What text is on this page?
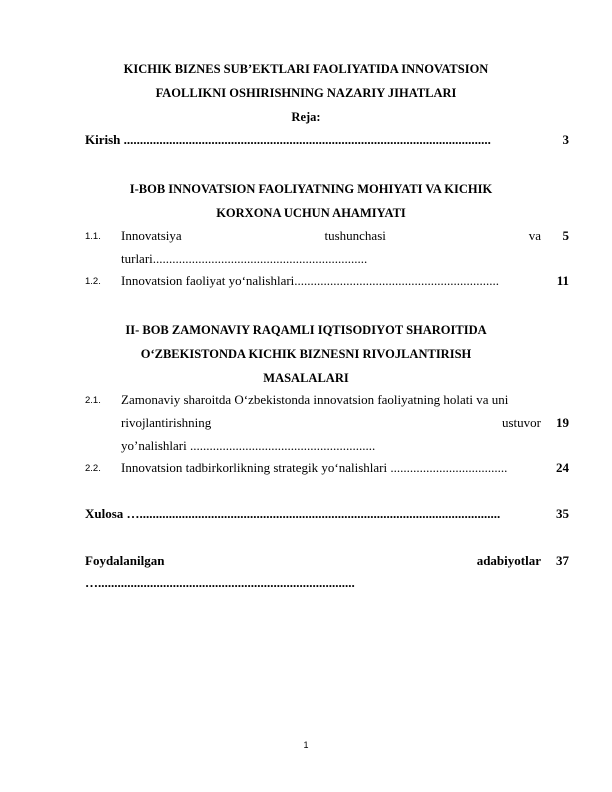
KICHIK BIZNES SUB’EKTLARI FAOLIYATIDA INNOVATSION
FAOLLIKNI OSHIRISHNING NAZARIY JIHATLARI
Reja:
Kirish .................................................................................................................	3
I-BOB INNOVATSION FAOLIYATNING MOHIYATI VA KICHIK
KORXONA UCHUN AHAMIYATI
1.1. Innovatsiya	tushunchasi	va	5
turlari..................................................................
1.2. Innovatsion faoliyat yo‘nalishlari...............................................................	11
II- BOB ZAMONAVIY RAQAMLI IQTISODIYOT SHAROITIDA
O‘ZBEKISTONDA KICHIK BIZNESNI RIVOJLANTIRISH
MASALALARI
2.1. Zamonaviy sharoitda O‘zbekistonda innovatsion faoliyatning holati va uni
rivojlantirishning	ustuvor	19
yo’nalishlari .........................................................
2.2. Innovatsion tadbirkorlikning strategik yo‘nalishlari ....................................	24
Xulosa …...............................................................................................................	35
Foydalanilgan	adabiyotlar	37
…...............................................................................
1
